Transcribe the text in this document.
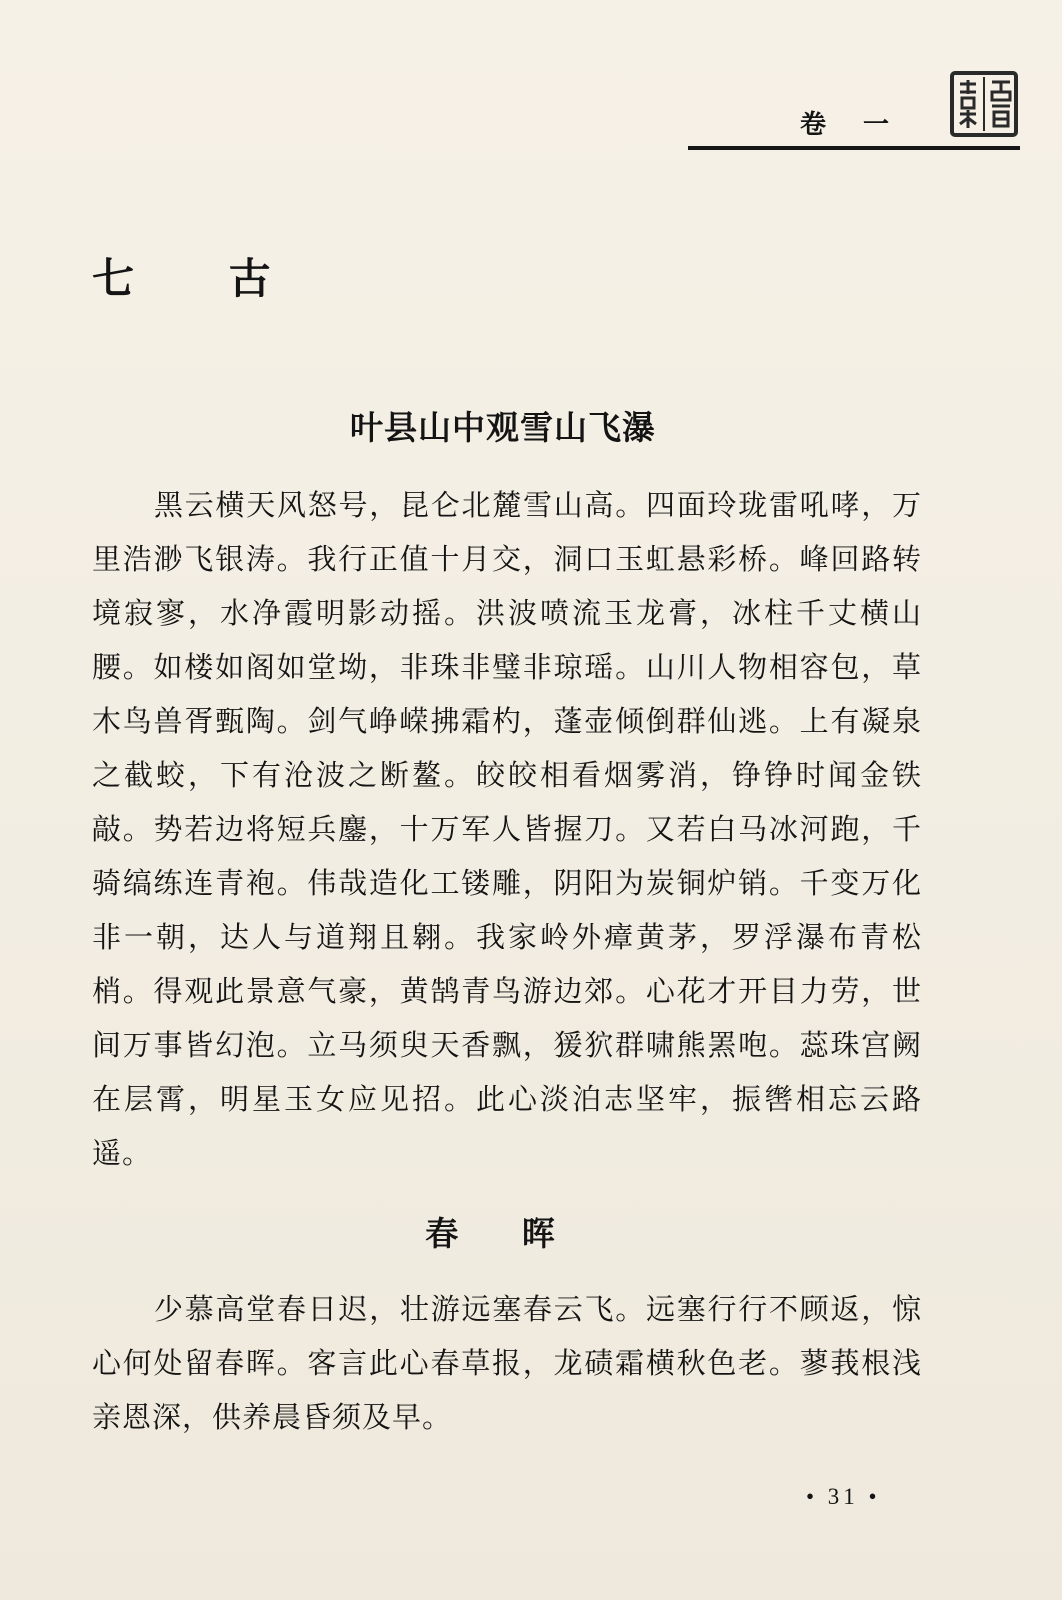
卷 一
七 古
叶县山中观雪山飞瀑

黑云横天风怒号，昆仑北麓雪山高。四面玲珑雷吼哮，万里浩渺飞银涛。我行正值十月交，洞口玉虹悬彩桥。峰回路转境寂寥，水净霞明影动摇。洪波喷流玉龙膏，冰柱千丈横山腰。如楼如阁如堂坳，非珠非璧非琼瑶。山川人物相容包，草木鸟兽胥甄陶。剑气峥嵘拂霜杓，蓬壶倾倒群仙逃。上有凝泉之截蛟，下有沧波之断鳌。皎皎相看烟雾消，铮铮时闻金铁敲。势若边将短兵鏖，十万军人皆握刀。又若白马冰河跑，千骑缟练连青袍。伟哉造化工镂雕，阴阳为炭铜炉销。千变万化非一朝，达人与道翔且翱。我家岭外瘴黄茅，罗浮瀑布青松梢。得观此景意气豪，黄鹄青鸟游边郊。心花才开目力劳，世间万事皆幻泡。立马须臾天香飘，猨狖群啸熊罴咆。蕊珠宫阙在层霄，明星玉女应见招。此心淡泊志坚牢，振辔相忘云路遥。

春 晖

少慕高堂春日迟，壮游远塞春云飞。远塞行行不顾返，惊心何处留春晖。客言此心春草报，龙碛霜横秋色老。蓼莪根浅亲恩深，供养晨昏须及早。

• 31 •
